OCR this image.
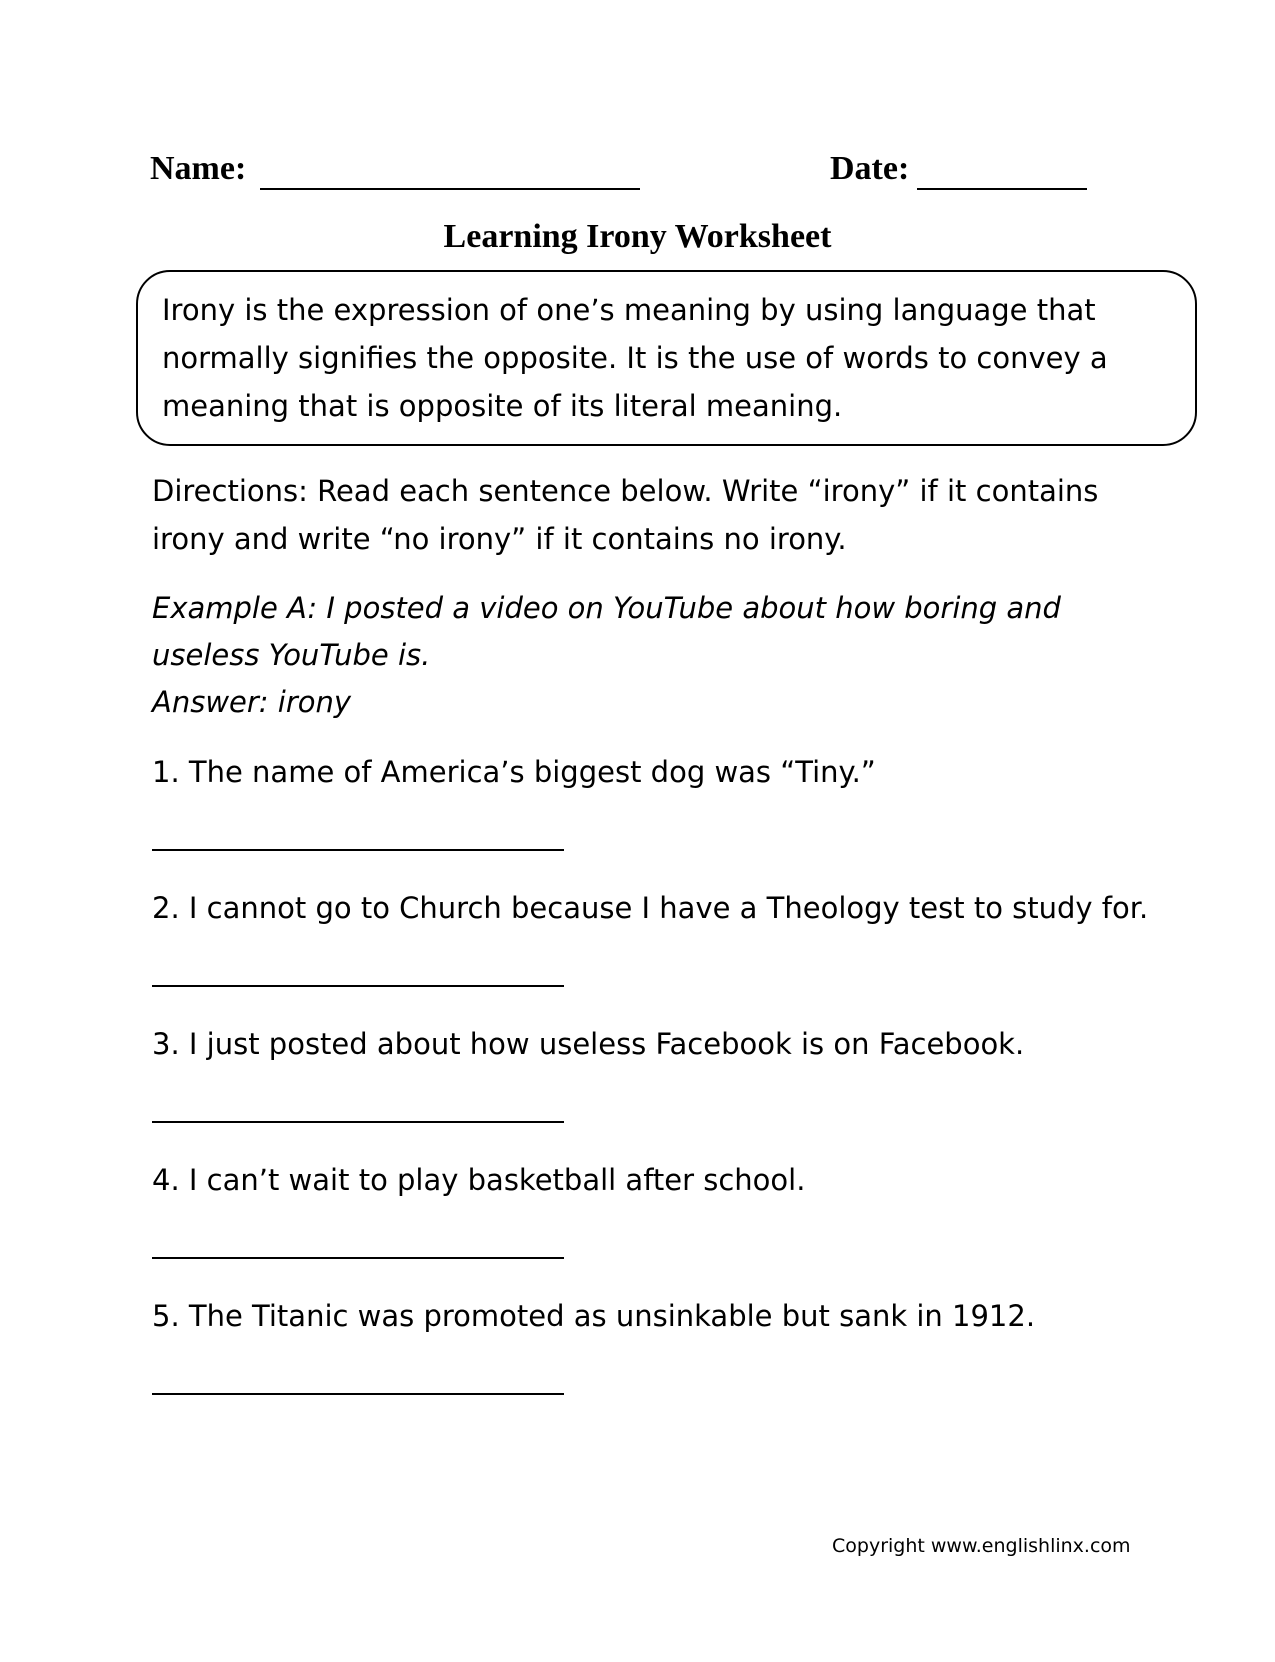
Name:	Date:
Learning Irony Worksheet
Irony is the expression of one’s meaning by using language that normally signifies the opposite. It is the use of words to convey a meaning that is opposite of its literal meaning.
Directions: Read each sentence below. Write “irony” if it contains irony and write “no irony” if it contains no irony.
Example A: I posted a video on YouTube about how boring and useless YouTube is.
Answer: irony
1. The name of America’s biggest dog was “Tiny.”
2. I cannot go to Church because I have a Theology test to study for.
3. I just posted about how useless Facebook is on Facebook.
4. I can’t wait to play basketball after school.
5. The Titanic was promoted as unsinkable but sank in 1912.
Copyright www.englishlinx.com
